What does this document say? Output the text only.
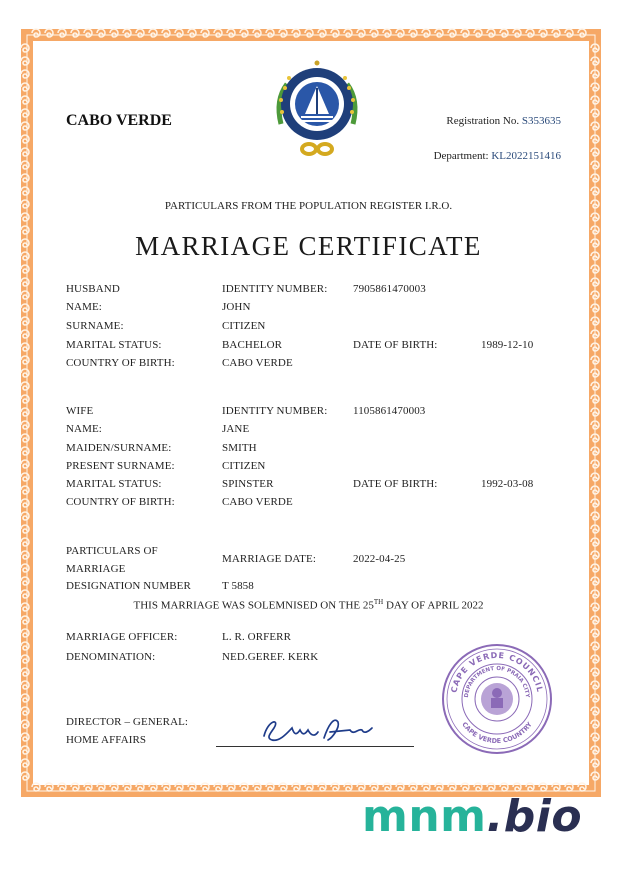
CABO VERDE	Registration No. S353635
Department: KL2022151416
PARTICULARS FROM THE POPULATION REGISTER I.R.O.
MARRIAGE CERTIFICATE
HUSBAND	IDENTITY NUMBER: 7905861470003
NAME:	JOHN
SURNAME:	CITIZEN
MARITAL STATUS:	BACHELOR	DATE OF BIRTH:	1989-12-10
COUNTRY OF BIRTH:	CABO VERDE
WIFE	IDENTITY NUMBER: 1105861470003
NAME:	JANE
MAIDEN/SURNAME:	SMITH
PRESENT SURNAME:	CITIZEN
MARITAL STATUS:	SPINSTER	DATE OF BIRTH:	1992-03-08
COUNTRY OF BIRTH:	CABO VERDE
PARTICULARS OF
MARRIAGE
MARRIAGE DATE:	2022-04-25
DESIGNATION NUMBER	T 5858
THIS MARRIAGE WAS SOLEMNISED ON THE 25TH DAY OF APRIL 2022
MARRIAGE OFFICER:	L. R. ORFERR
DENOMINATION:	NED.GEREF. KERK
CAPE VERDE COUNCIL
DEPARTMENT OF PRAIA CITY
CAPE VERDE COUNTRY
DIRECTOR – GENERAL:
HOME AFFAIRS
mnm.bio
